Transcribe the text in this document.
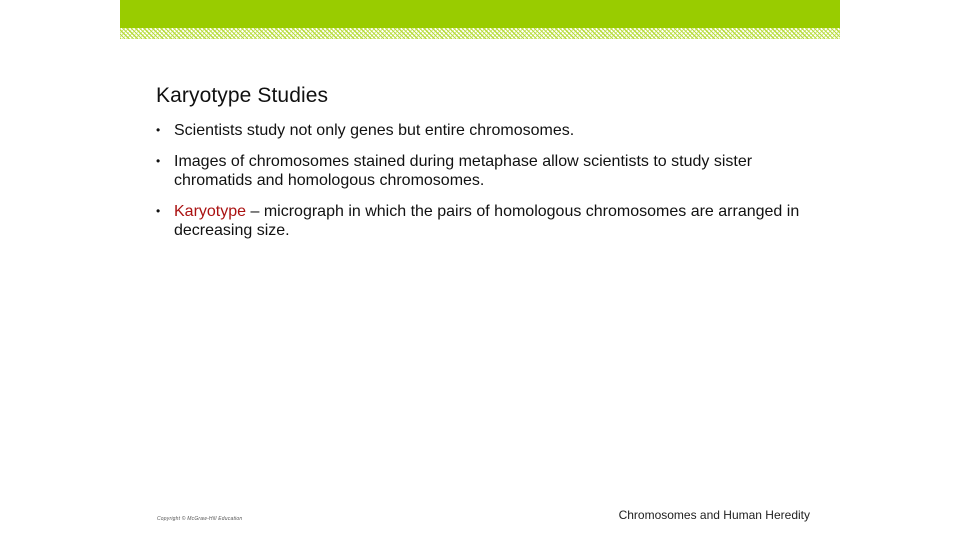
Karyotype Studies
• Scientists study not only genes but entire chromosomes.
• Images of chromosomes stained during metaphase allow scientists to study sister chromatids and homologous chromosomes.
• Karyotype – micrograph in which the pairs of homologous chromosomes are arranged in decreasing size.
Copyright © McGraw-Hill Education	Chromosomes and Human Heredity
